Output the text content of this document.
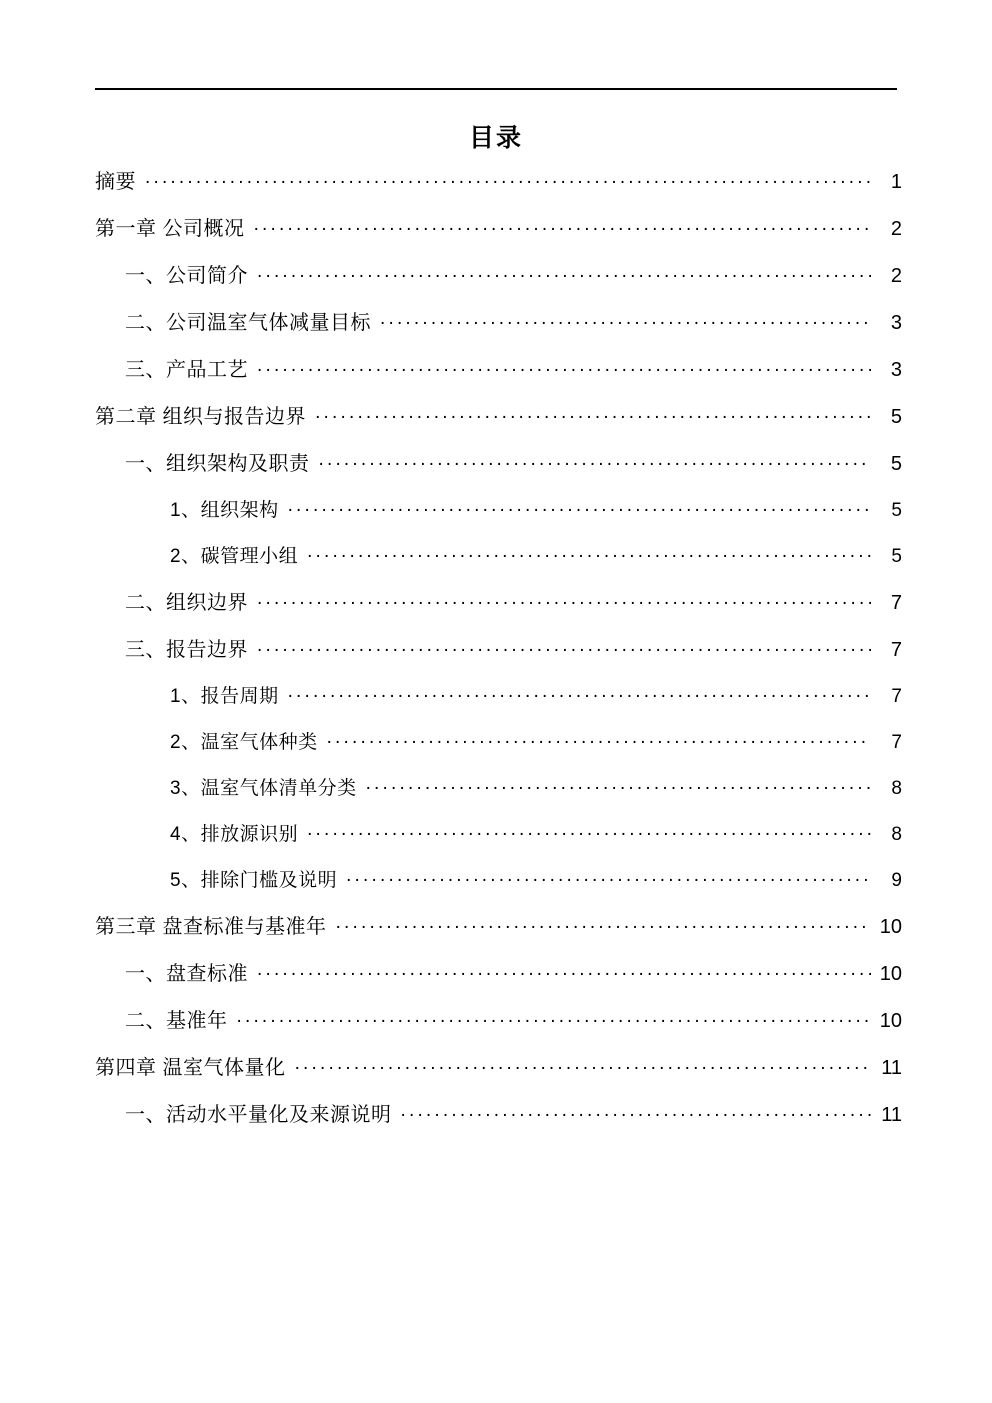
目录
摘要 .....	1
第一章 公司概况 .....	2
一、公司简介 .....	2
二、公司温室气体减量目标 .....	3
三、产品工艺 .....	3
第二章 组织与报告边界 .....	5
一、组织架构及职责 .....	5
1、组织架构 .....	5
2、碳管理小组 .....	5
二、组织边界 .....	7
三、报告边界 .....	7
1、报告周期 .....	7
2、温室气体种类 .....	7
3、温室气体清单分类 .....	8
4、排放源识别 .....	8
5、排除门槛及说明 .....	9
第三章 盘查标准与基准年 .....	10
一、盘查标准 .....	10
二、基准年 .....	10
第四章 温室气体量化 .....	11
一、活动水平量化及来源说明 .....	11
